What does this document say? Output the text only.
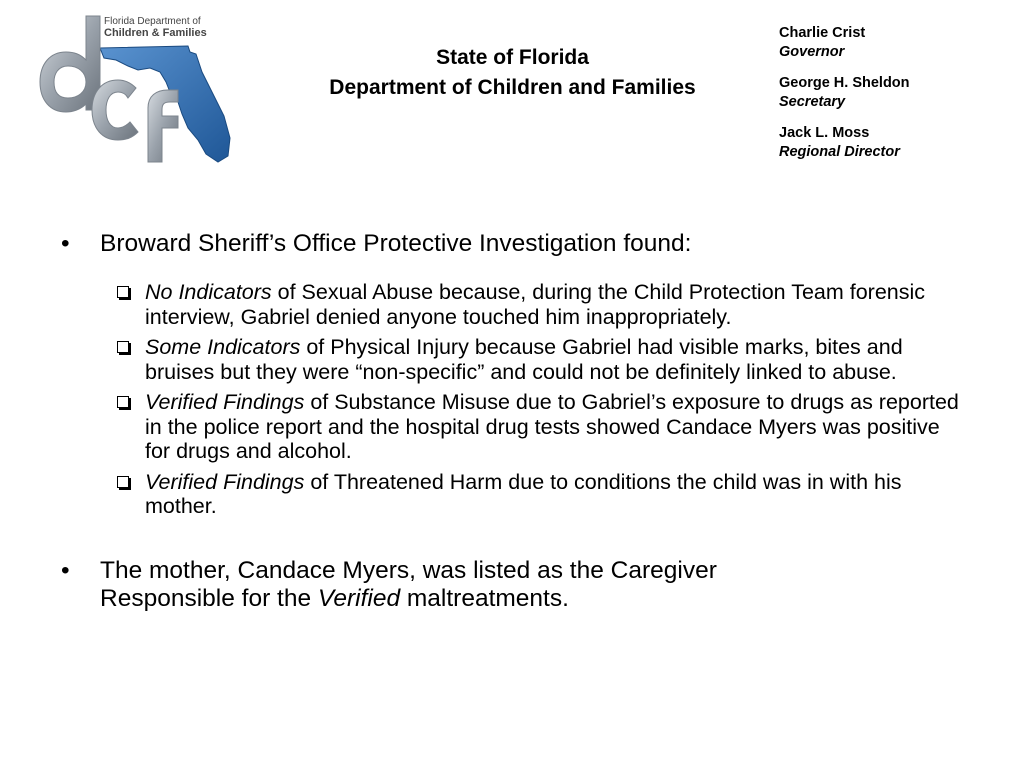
Florida Department of
Children & Families
State of Florida
Department of Children and Families
Charlie Crist
Governor
George H. Sheldon
Secretary
Jack L. Moss
Regional Director
• Broward Sheriff’s Office Protective Investigation found:
No Indicators of Sexual Abuse because, during the Child Protection Team forensic interview, Gabriel denied anyone touched him inappropriately.
Some Indicators of Physical Injury because Gabriel had visible marks, bites and bruises but they were “non-specific” and could not be definitely linked to abuse.
Verified Findings of Substance Misuse due to Gabriel’s exposure to drugs as reported in the police report and the hospital drug tests showed Candace Myers was positive for drugs and alcohol.
Verified Findings of Threatened Harm due to conditions the child was in with his mother.
• The mother, Candace Myers, was listed as the Caregiver Responsible for the Verified maltreatments.
